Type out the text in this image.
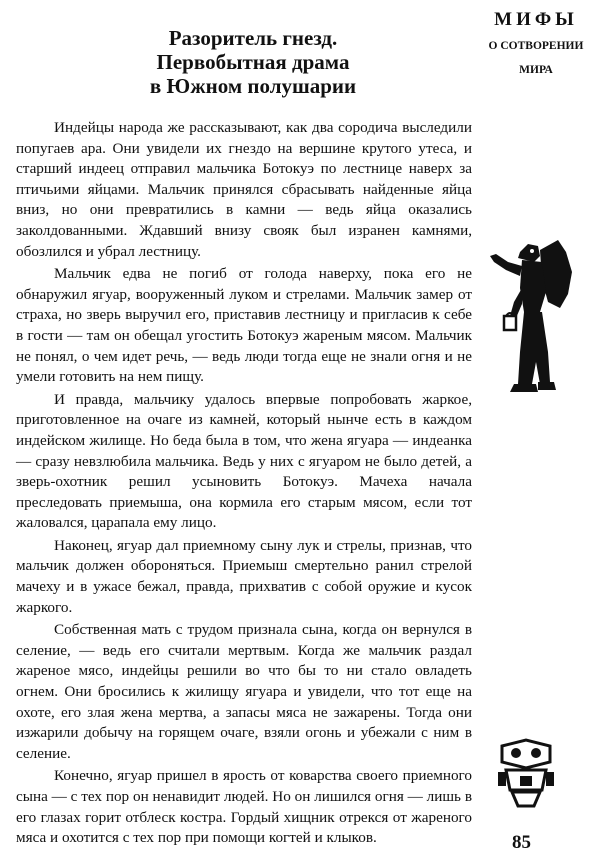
Разоритель гнезд.
Первобытная драма
в Южном полушарии

Индейцы народа же рассказывают, как два сородича выследили попугаев ара. Они увидели их гнездо на вершине крутого утеса, и старший индеец отправил мальчика Ботокуэ по лестнице наверх за птичьими яйцами. Мальчик принялся сбрасывать найденные яйца вниз, но они превратились в камни — ведь яйца оказались заколдованными. Ждавший внизу свояк был изранен камнями, обозлился и убрал лестницу.

Мальчик едва не погиб от голода наверху, пока его не обнаружил ягуар, вооруженный луком и стрелами. Мальчик замер от страха, но зверь выручил его, приставив лестницу и пригласив к себе в гости — там он обещал угостить Ботокуэ жареным мясом. Мальчик не понял, о чем идет речь, — ведь люди тогда еще не знали огня и не умели готовить на нем пищу.

И правда, мальчику удалось впервые попробовать жаркое, приготовленное на очаге из камней, который нынче есть в каждом индейском жилище. Но беда была в том, что жена ягуара — индеанка — сразу невзлюбила мальчика. Ведь у них с ягуаром не было детей, а зверь-охотник решил усыновить Ботокуэ. Мачеха начала преследовать приемыша, она кормила его старым мясом, если тот жаловался, царапала ему лицо.

Наконец, ягуар дал приемному сыну лук и стрелы, признав, что мальчик должен обороняться. Приемыш смертельно ранил стрелой мачеху и в ужасе бежал, правда, прихватив с собой оружие и кусок жаркого.

Собственная мать с трудом признала сына, когда он вернулся в селение, — ведь его считали мертвым. Когда же мальчик раздал жареное мясо, индейцы решили во что бы то ни стало овладеть огнем. Они бросились к жилищу ягуара и увидели, что тот еще на охоте, его злая жена мертва, а запасы мяса не зажарены. Тогда они изжарили добычу на горящем очаге, взяли огонь и убежали с ним в селение.

Конечно, ягуар пришел в ярость от коварства своего приемного сына — с тех пор он ненавидит людей. Но он лишился огня — лишь в его глазах горит отблеск костра. Гордый хищник отрекся от жареного мяса и охотится с тех пор при помощи когтей и клыков.

МИФЫ
О СОТВОРЕНИИ
МИРА
85
